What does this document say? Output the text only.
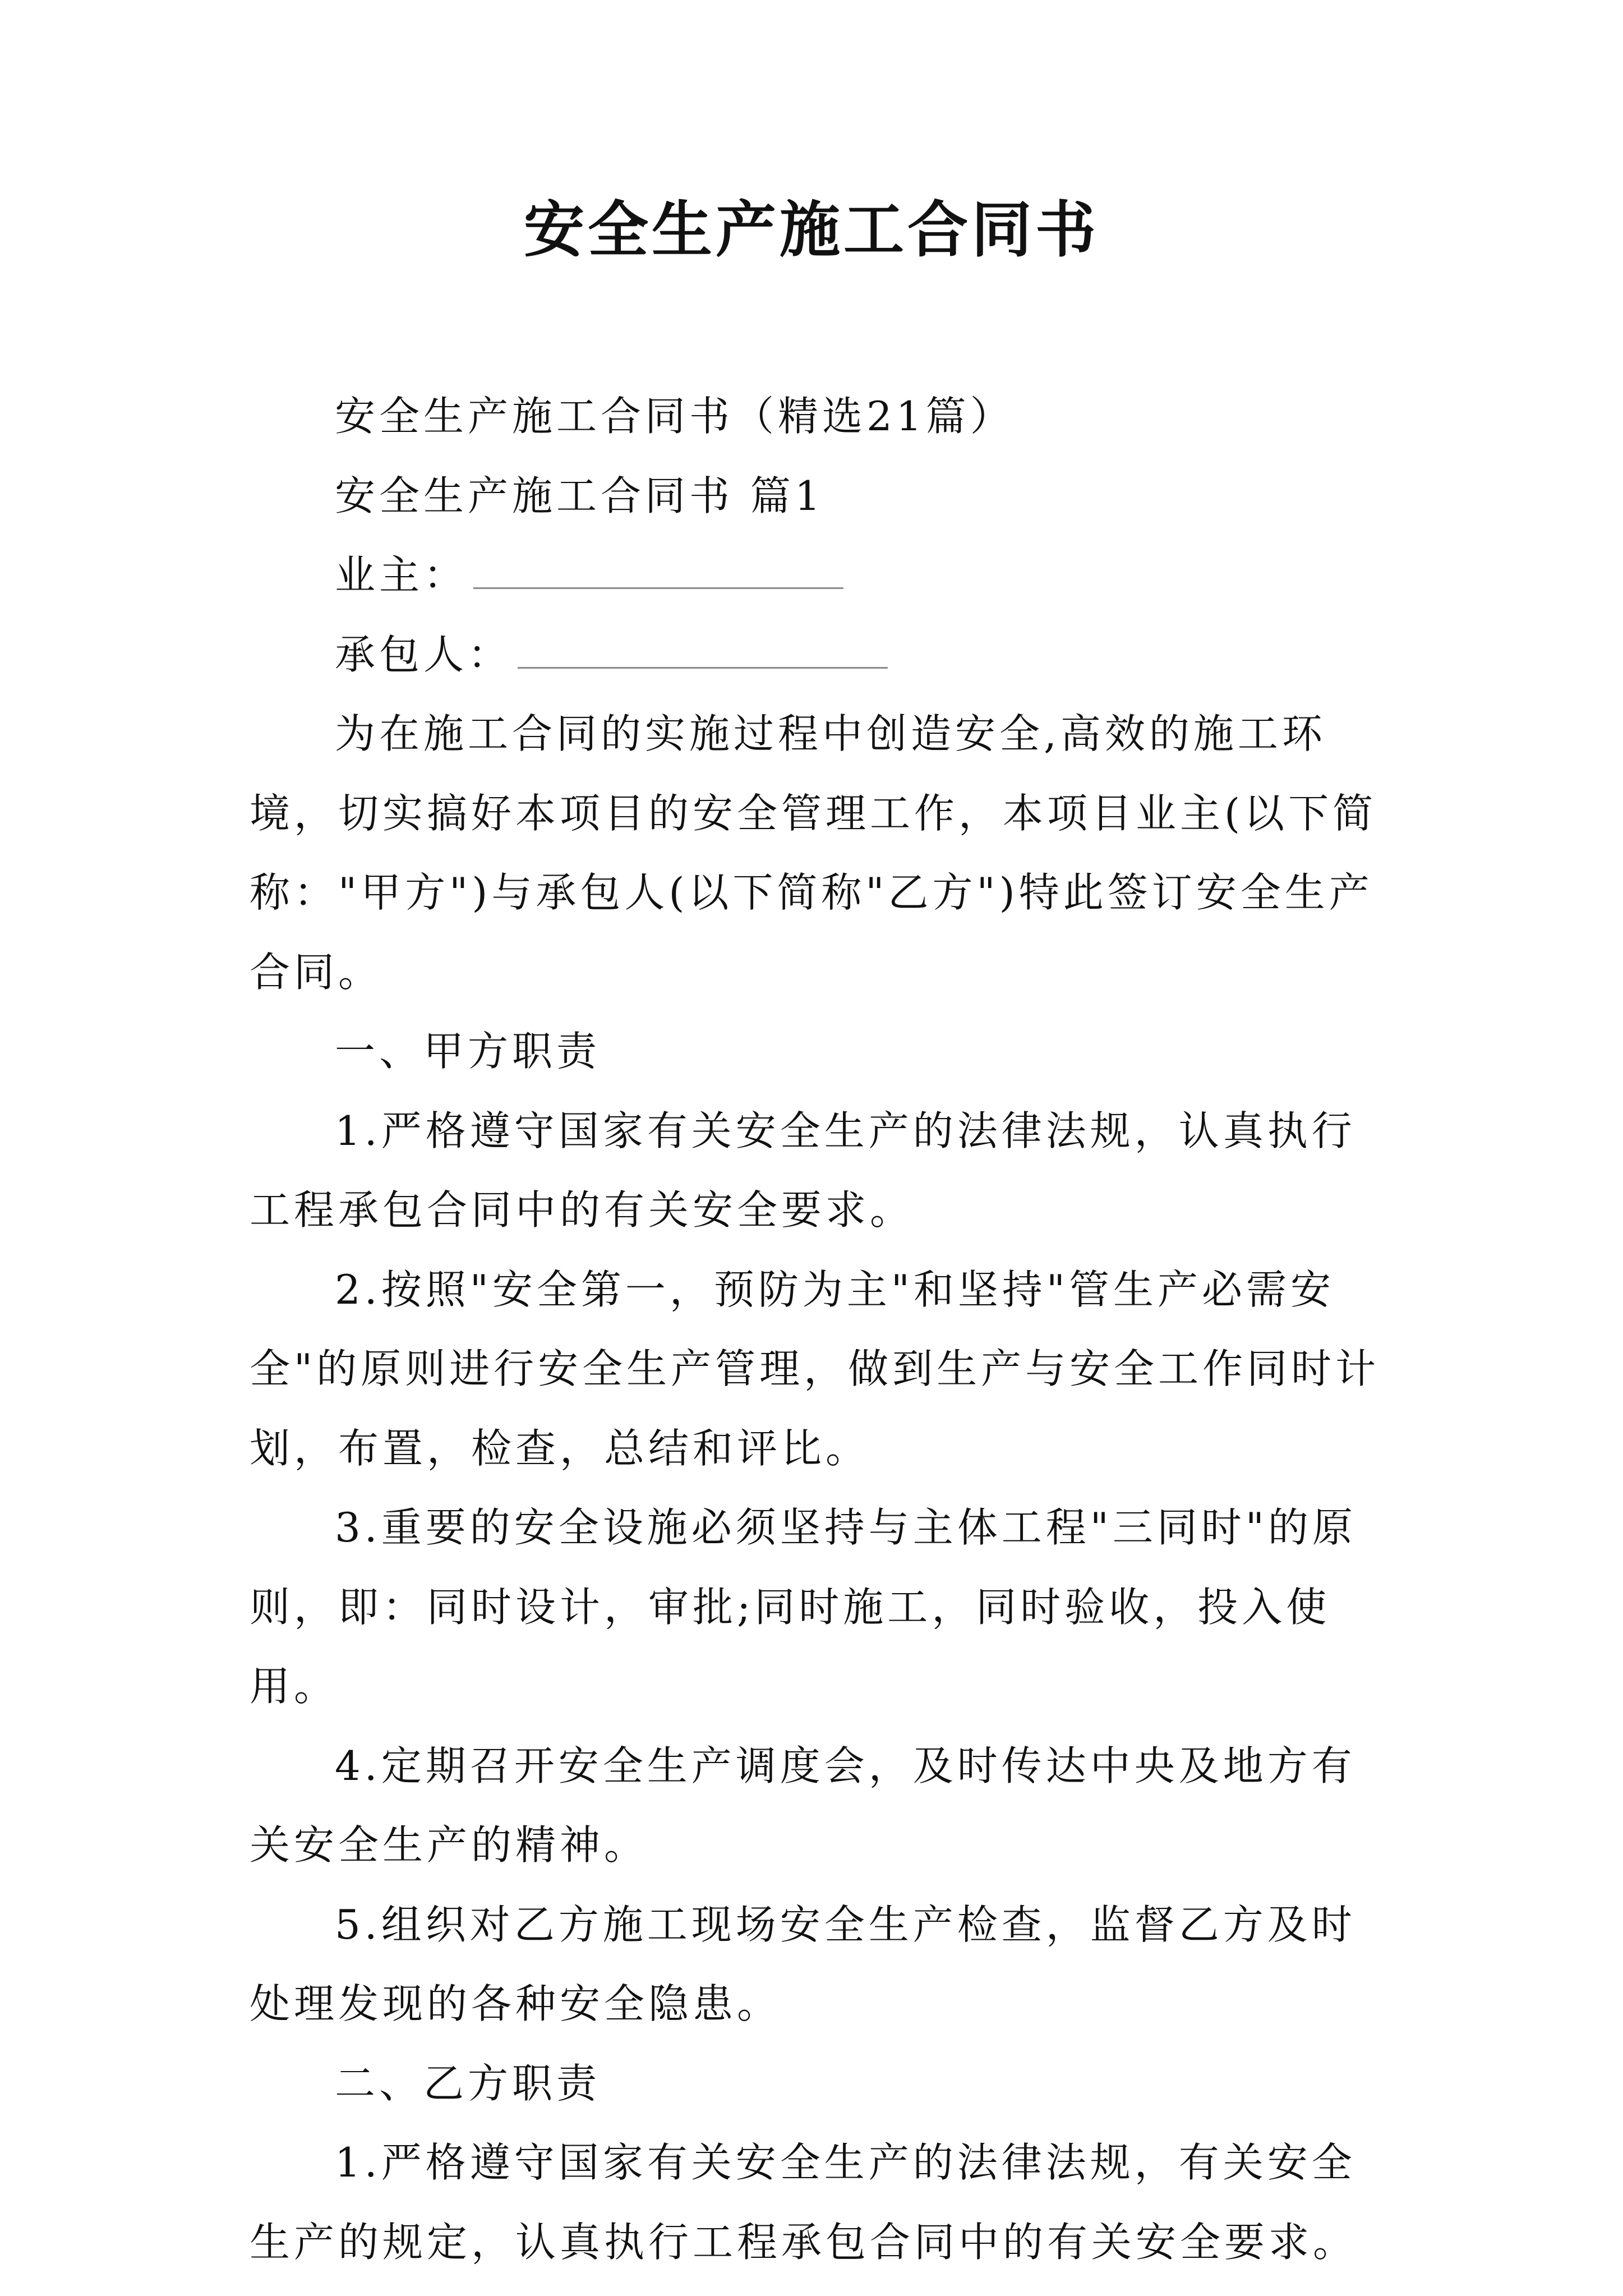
安全生产施工合同书

安全生产施工合同书（精选21篇）

安全生产施工合同书 篇1

业主：

承包人：

为在施工合同的实施过程中创造安全,高效的施工环境，切实搞好本项目的安全管理工作，本项目业主(以下简称："甲方")与承包人(以下简称"乙方")特此签订安全生产合同。

一、甲方职责

1.严格遵守国家有关安全生产的法律法规，认真执行工程承包合同中的有关安全要求。

2.按照"安全第一，预防为主"和坚持"管生产必需安全"的原则进行安全生产管理，做到生产与安全工作同时计划，布置，检查，总结和评比。

3.重要的安全设施必须坚持与主体工程"三同时"的原则，即：同时设计，审批;同时施工，同时验收，投入使用。

4.定期召开安全生产调度会，及时传达中央及地方有关安全生产的精神。

5.组织对乙方施工现场安全生产检查，监督乙方及时处理发现的各种安全隐患。

二、乙方职责

1.严格遵守国家有关安全生产的法律法规，有关安全生产的规定，认真执行工程承包合同中的有关安全要求。
